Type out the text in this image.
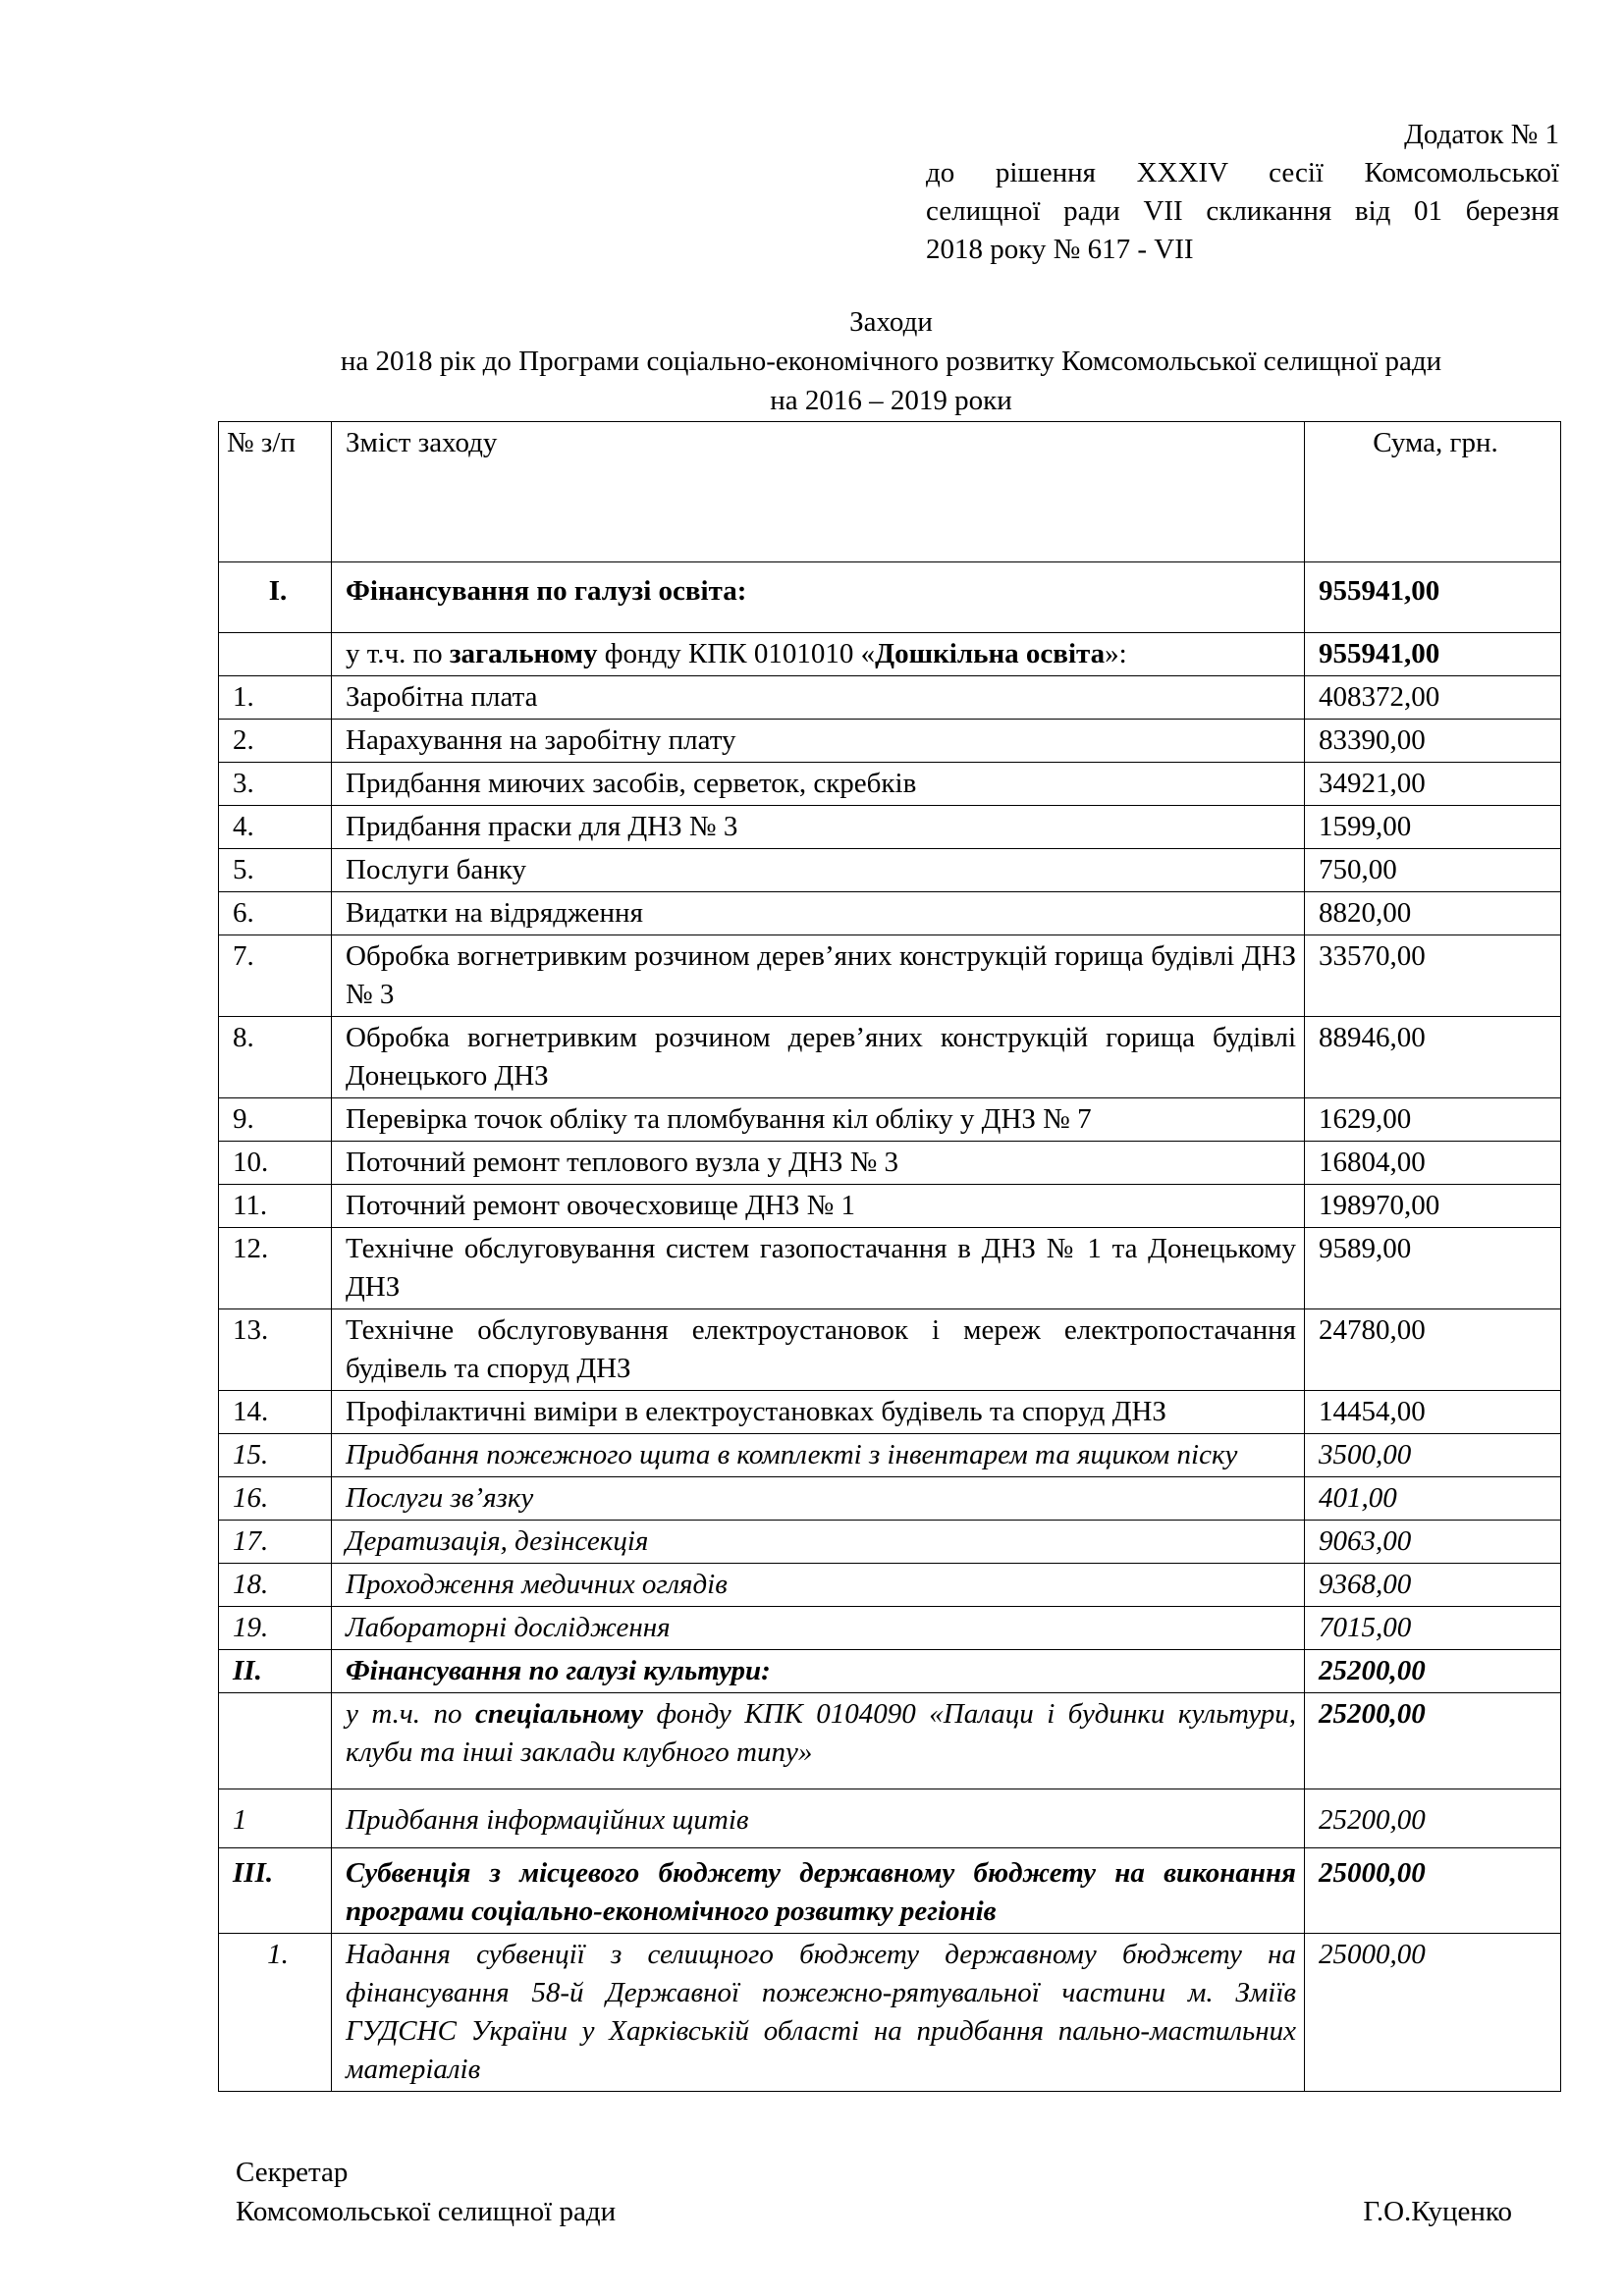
Додаток № 1
до рішення XXXIV сесії Комсомольської
селищної ради VII скликання від 01 березня
2018 року № 617 - VII
Заходи
на 2018 рік до Програми соціально-економічного розвитку Комсомольської селищної ради
на 2016 – 2019 роки
№ з/п	Зміст заходу	Сума, грн.
І.	Фінансування по галузі освіта:	955941,00
	у т.ч. по загальному фонду КПК 0101010 «Дошкільна освіта»:	955941,00
1.	Заробітна плата	408372,00
2.	Нарахування на заробітну плату	83390,00
3.	Придбання миючих засобів, серветок, скребків	34921,00
4.	Придбання праски для ДНЗ № 3	1599,00
5.	Послуги банку	750,00
6.	Видатки на відрядження	8820,00
7.	Обробка вогнетривким розчином дерев’яних конструкцій горища будівлі ДНЗ № 3	33570,00
8.	Обробка вогнетривким розчином дерев’яних конструкцій горища будівлі Донецького ДНЗ	88946,00
9.	Перевірка точок обліку та пломбування кіл обліку у ДНЗ № 7	1629,00
10.	Поточний ремонт теплового вузла у ДНЗ № 3	16804,00
11.	Поточний ремонт овочесховище ДНЗ № 1	198970,00
12.	Технічне обслуговування систем газопостачання в ДНЗ № 1 та Донецькому ДНЗ	9589,00
13.	Технічне обслуговування електроустановок і мереж електропостачання будівель та споруд ДНЗ	24780,00
14.	Профілактичні виміри в електроустановках будівель та споруд ДНЗ	14454,00
15.	Придбання пожежного щита в комплекті з інвентарем та ящиком піску	3500,00
16.	Послуги зв’язку	401,00
17.	Дератизація, дезінсекція	9063,00
18.	Проходження медичних оглядів	9368,00
19.	Лабораторні дослідження	7015,00
ІІ.	Фінансування по галузі культури:	25200,00
	у т.ч. по спеціальному фонду КПК 0104090 «Палаци і будинки культури, клуби та інші заклади клубного типу»	25200,00
1	Придбання інформаційних щитів	25200,00
ІІІ.	Субвенція з місцевого бюджету державному бюджету на виконання програми соціально-економічного розвитку регіонів	25000,00
1.	Надання субвенції з селищного бюджету державному бюджету на фінансування 58-й Державної пожежно-рятувальної частини м. Зміїв ГУДСНС України у Харківській області на придбання пально-мастильних матеріалів	25000,00
Секретар
Комсомольської селищної ради	Г.О.Куценко
